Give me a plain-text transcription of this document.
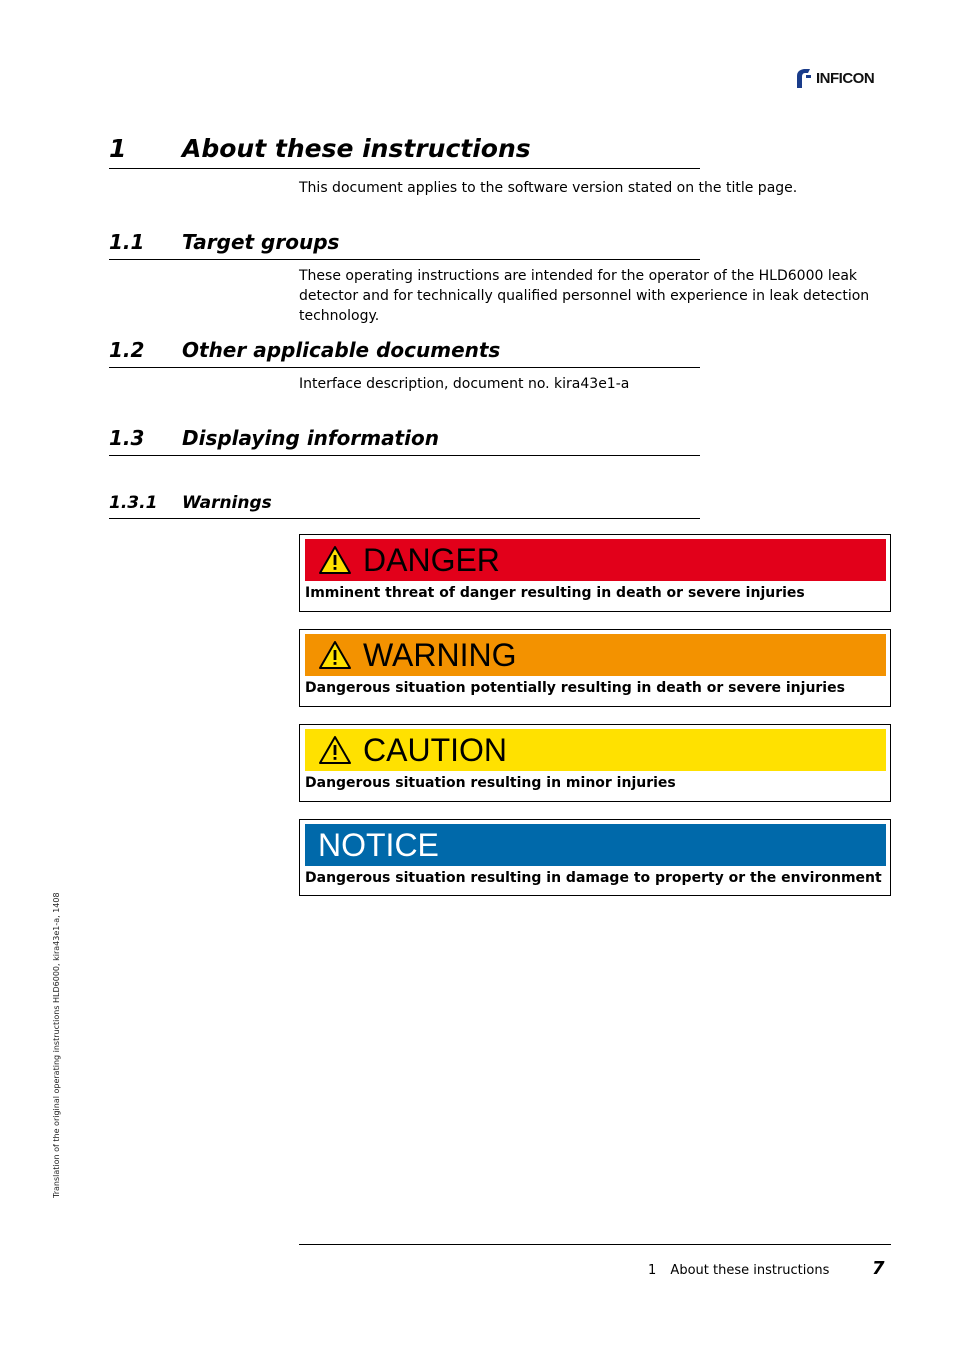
INFICON
1	About these instructions
This document applies to the software version stated on the title page.
1.1	Target groups
These operating instructions are intended for the operator of the HLD6000 leak detector and for technically qualified personnel with experience in leak detection technology.
1.2	Other applicable documents
Interface description, document no. kira43e1-a
1.3	Displaying information
1.3.1	Warnings
DANGER
Imminent threat of danger resulting in death or severe injuries
WARNING
Dangerous situation potentially resulting in death or severe injuries
CAUTION
Dangerous situation resulting in minor injuries
NOTICE
Dangerous situation resulting in damage to property or the environment
Translation of the original operating instructions HLD6000, kira43e1-a, 1408
1 About these instructions 7
